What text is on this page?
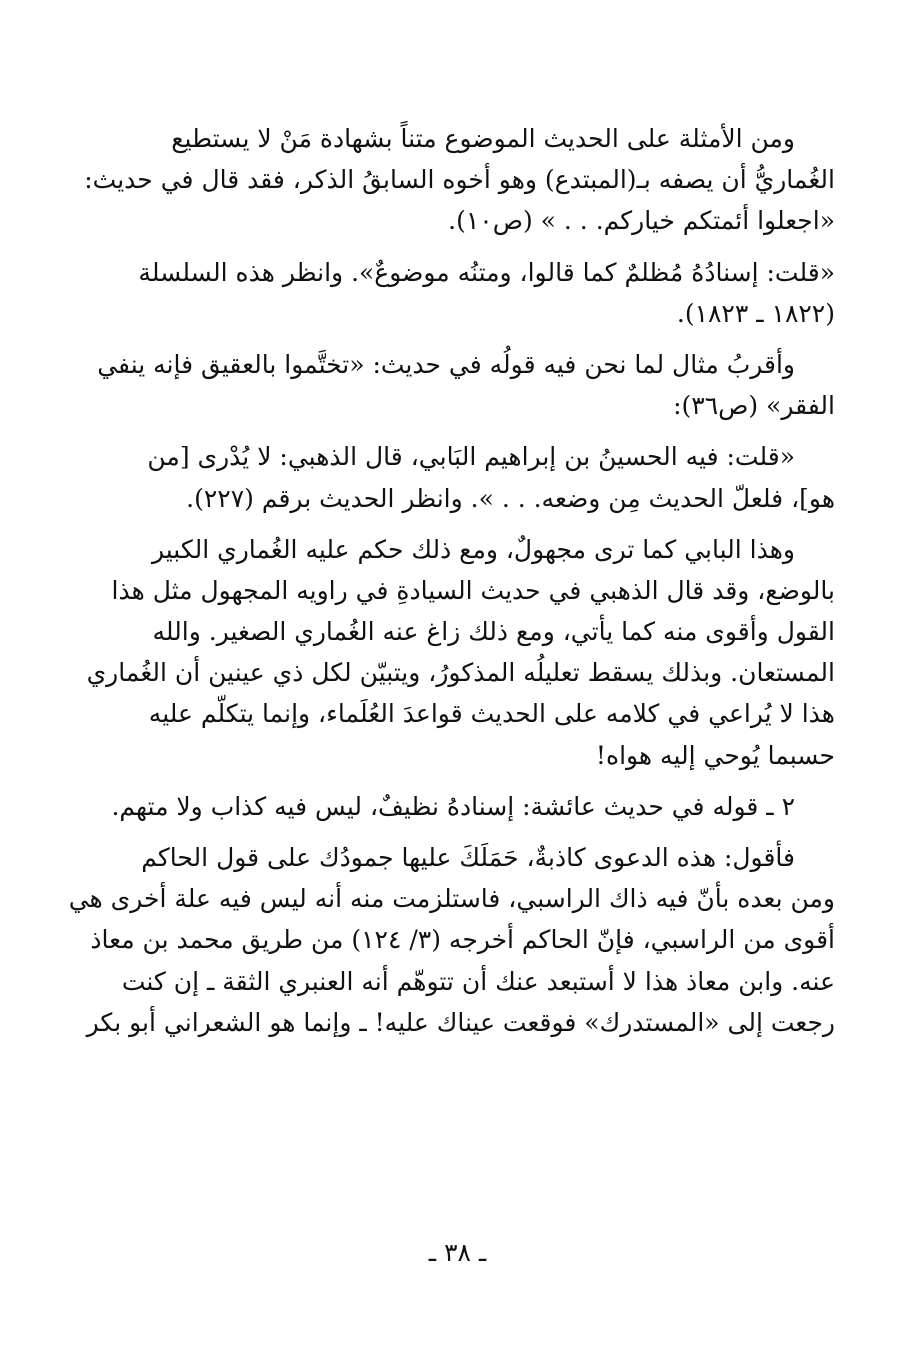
ومن الأمثلة على الحديث الموضوع متناً بشهادة مَنْ لا يستطيع
الغُماريُّ أن يصفه بـ(المبتدع) وهو أخوه السابقُ الذكر، فقد قال في حديث:
«اجعلوا أئمتكم خياركم. . . » (ص١٠).
«قلت: إسنادُهُ مُظلمٌ كما قالوا، ومتنُه موضوعٌ». وانظر هذه السلسلة
(١٨٢٢ ـ ١٨٢٣).
وأقربُ مثال لما نحن فيه قولُه في حديث: «تختَّموا بالعقيق فإنه ينفي
الفقر» (ص٣٦):
«قلت: فيه الحسينُ بن إبراهيم البَابي، قال الذهبي: لا يُدْرى [من
هو]، فلعلّ الحديث مِن وضعه. . . ». وانظر الحديث برقم (٢٢٧).
وهذا البابي كما ترى مجهولٌ، ومع ذلك حكم عليه الغُماري الكبير
بالوضع، وقد قال الذهبي في حديث السيادةِ في راويه المجهول مثل هذا
القول وأقوى منه كما يأتي، ومع ذلك زاغ عنه الغُماري الصغير. والله
المستعان. وبذلك يسقط تعليلُه المذكورُ، ويتبيّن لكل ذي عينين أن الغُماري
هذا لا يُراعي في كلامه على الحديث قواعدَ العُلَماء، وإنما يتكلّم عليه
حسبما يُوحي إليه هواه!
٢ ـ قوله في حديث عائشة: إسنادهُ نظيفٌ، ليس فيه كذاب ولا متهم.
فأقول: هذه الدعوى كاذبةٌ، حَمَلَكَ عليها جمودُك على قول الحاكم
ومن بعده بأنّ فيه ذاك الراسبي، فاستلزمت منه أنه ليس فيه علة أخرى هي
أقوى من الراسبي، فإنّ الحاكم أخرجه (٣/ ١٢٤) من طريق محمد بن معاذ
عنه. وابن معاذ هذا لا أستبعد عنك أن تتوهّم أنه العنبري الثقة ـ إن كنت
رجعت إلى «المستدرك» فوقعت عيناك عليه! ـ وإنما هو الشعراني أبو بكر
ـ ٣٨ ـ
